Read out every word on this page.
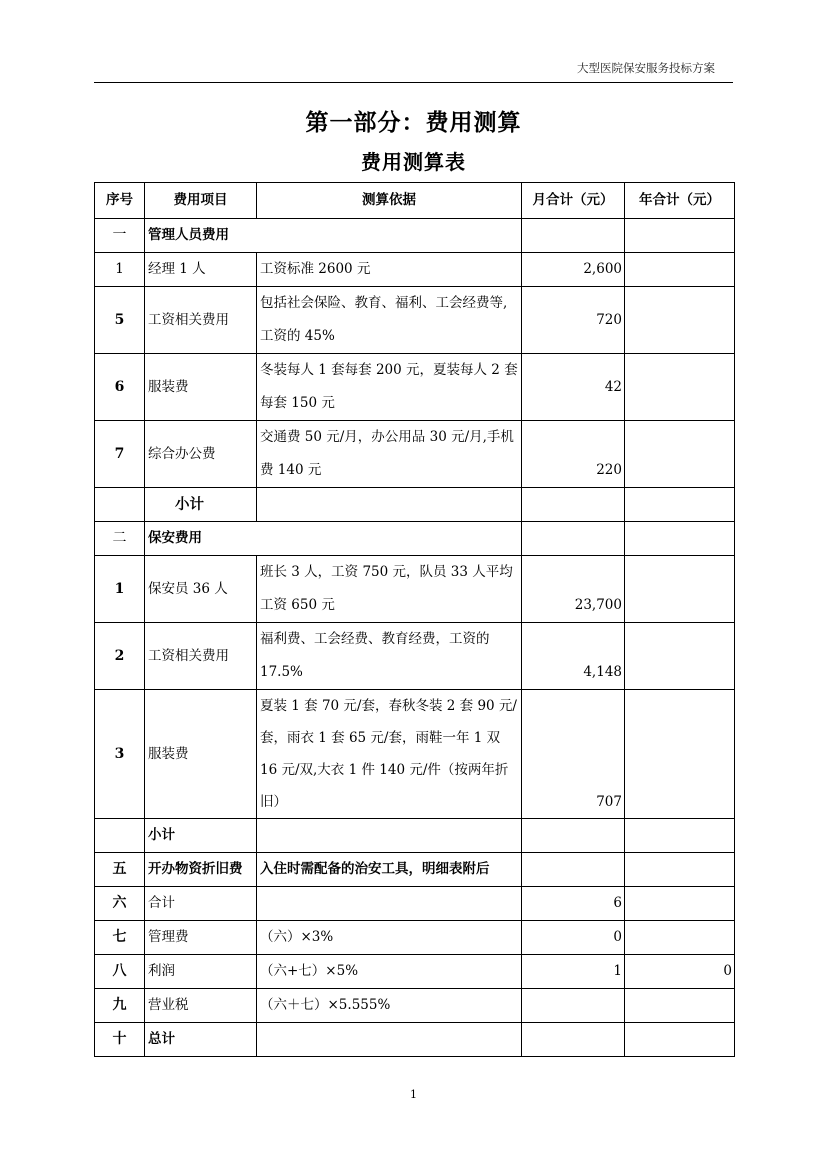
大型医院保安服务投标方案
第一部分：费用测算
费用测算表
序号	费用项目	测算依据	月合计（元）	年合计（元）
一	管理人员费用			
1	经理 1 人	工资标准 2600 元	2,600	
5	工资相关费用	包括社会保险、教育、福利、工会经费等,工资的 45%	720	
6	服装费	冬装每人 1 套每套 200 元，夏装每人 2 套每套 150 元	42	
7	综合办公费	交通费 50 元/月，办公用品 30 元/月,手机费 140 元	220	
	小计			
二	保安费用			
1	保安员 36 人	班长 3 人，工资 750 元，队员 33 人平均工资 650 元	23,700	
2	工资相关费用	福利费、工会经费、教育经费，工资的 17.5%	4,148	
3	服装费	夏装 1 套 70 元/套，春秋冬装 2 套 90 元/套，雨衣 1 套 65 元/套，雨鞋一年 1 双 16 元/双,大衣 1 件 140 元/件（按两年折旧）	707	
	小计			
五	开办物资折旧费	入住时需配备的治安工具，明细表附后		
六	合计		6	
七	管理费	（六）×3%	0	
八	利润	（六+七）×5%	1	0
九	营业税	（六＋七）×5.555%		
十	总计			
1
